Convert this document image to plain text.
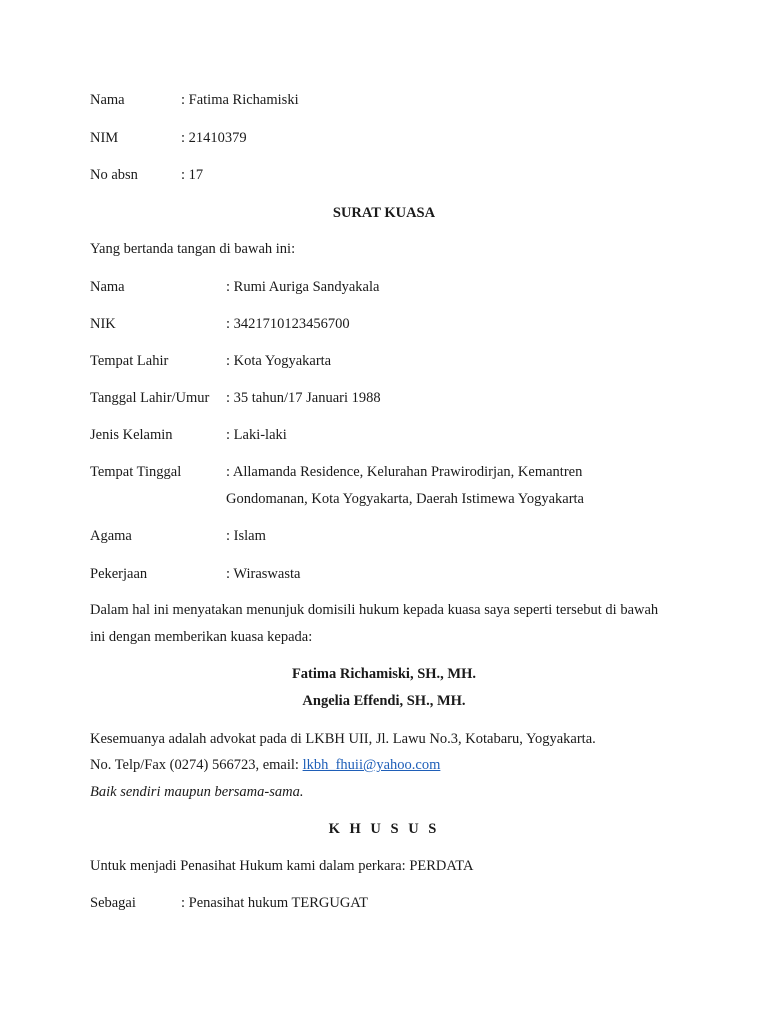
Nama	: Fatima Richamiski
NIM	: 21410379
No absn	: 17
SURAT KUASA
Yang bertanda tangan di bawah ini:
Nama	: Rumi Auriga Sandyakala
NIK	: 3421710123456700
Tempat Lahir	: Kota Yogyakarta
Tanggal Lahir/Umur : 35 tahun/17 Januari 1988
Jenis Kelamin	: Laki-laki
Tempat Tinggal	: Allamanda Residence, Kelurahan Prawirodirjan, Kemantren
Gondomanan, Kota Yogyakarta, Daerah Istimewa Yogyakarta
Agama	: Islam
Pekerjaan	: Wiraswasta
Dalam hal ini menyatakan menunjuk domisili hukum kepada kuasa saya seperti tersebut di bawah
ini dengan memberikan kuasa kepada:
Fatima Richamiski, SH., MH.
Angelia Effendi, SH., MH.
Kesemuanya adalah advokat pada di LKBH UII, Jl. Lawu No.3, Kotabaru, Yogyakarta.
No. Telp/Fax (0274) 566723, email: lkbh_fhuii@yahoo.com
Baik sendiri maupun bersama-sama.
K H U S U S
Untuk menjadi Penasihat Hukum kami dalam perkara: PERDATA
Sebagai	: Penasihat hukum TERGUGAT
